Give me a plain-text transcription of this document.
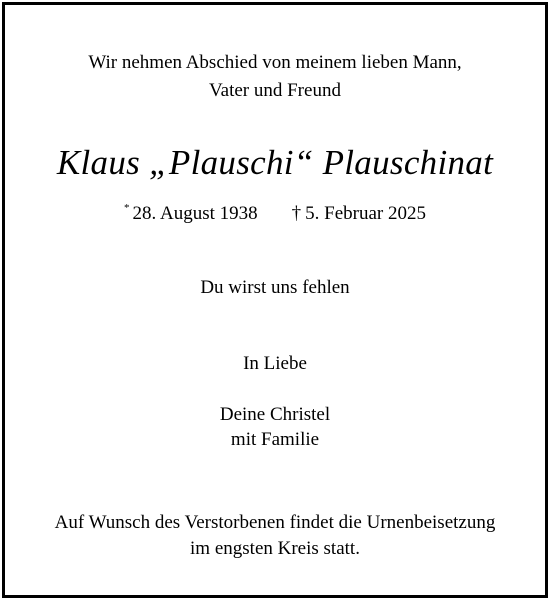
Wir nehmen Abschied von meinem lieben Mann,
Vater und Freund

Klaus „Plauschi“ Plauschinat

* 28. August 1938 † 5. Februar 2025

Du wirst uns fehlen

In Liebe

Deine Christel
mit Familie

Auf Wunsch des Verstorbenen findet die Urnenbeisetzung
im engsten Kreis statt.
